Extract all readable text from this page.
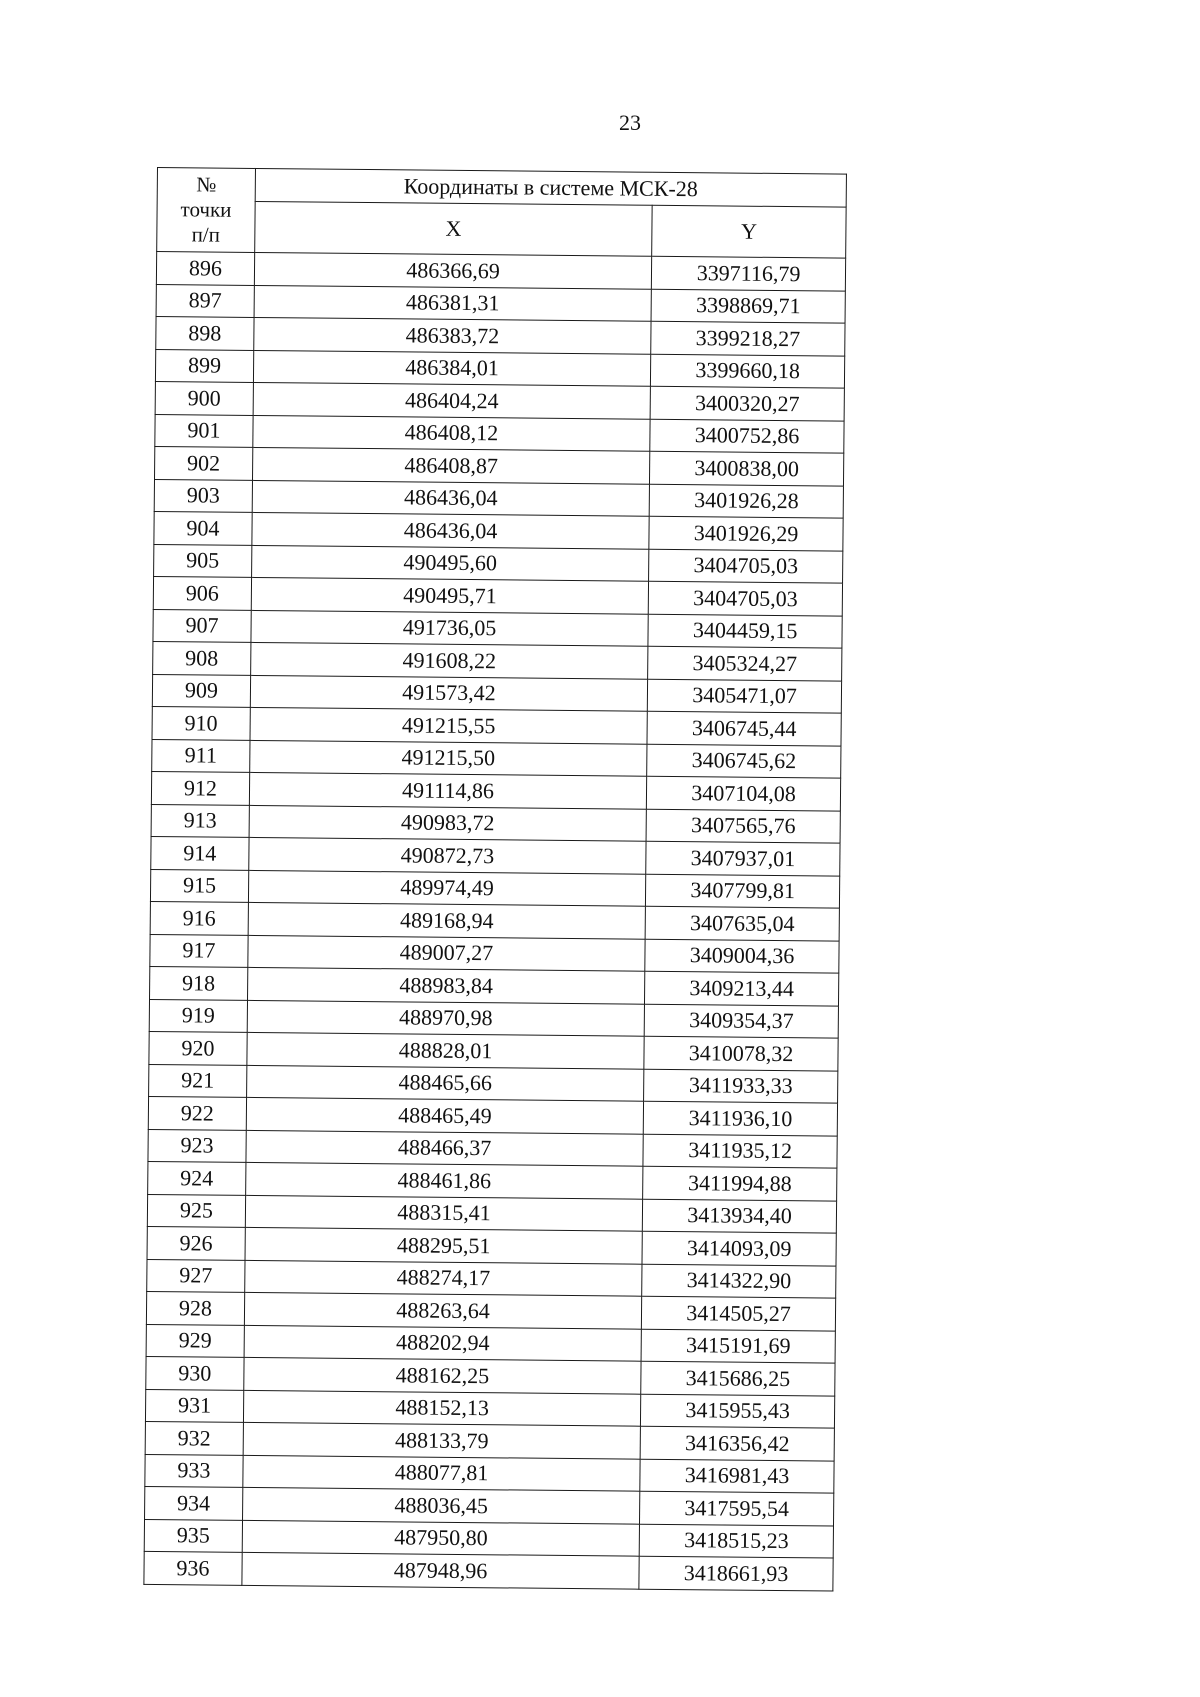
23
№
точки
п/п	Координаты в системе МСК-28	
	X	Y
896	486366,69	3397116,79
897	486381,31	3398869,71
898	486383,72	3399218,27
899	486384,01	3399660,18
900	486404,24	3400320,27
901	486408,12	3400752,86
902	486408,87	3400838,00
903	486436,04	3401926,28
904	486436,04	3401926,29
905	490495,60	3404705,03
906	490495,71	3404705,03
907	491736,05	3404459,15
908	491608,22	3405324,27
909	491573,42	3405471,07
910	491215,55	3406745,44
911	491215,50	3406745,62
912	491114,86	3407104,08
913	490983,72	3407565,76
914	490872,73	3407937,01
915	489974,49	3407799,81
916	489168,94	3407635,04
917	489007,27	3409004,36
918	488983,84	3409213,44
919	488970,98	3409354,37
920	488828,01	3410078,32
921	488465,66	3411933,33
922	488465,49	3411936,10
923	488466,37	3411935,12
924	488461,86	3411994,88
925	488315,41	3413934,40
926	488295,51	3414093,09
927	488274,17	3414322,90
928	488263,64	3414505,27
929	488202,94	3415191,69
930	488162,25	3415686,25
931	488152,13	3415955,43
932	488133,79	3416356,42
933	488077,81	3416981,43
934	488036,45	3417595,54
935	487950,80	3418515,23
936	487948,96	3418661,93
